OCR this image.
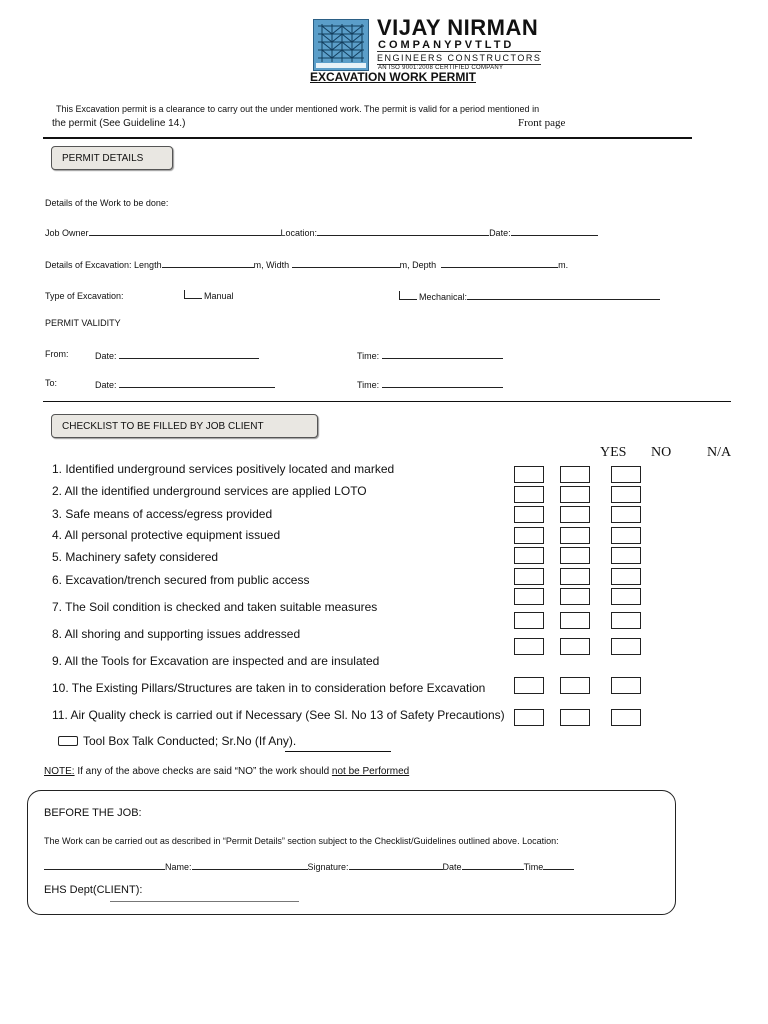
VIJAY NIRMAN
COMPANYPVTLTD
ENGINEERS CONSTRUCTORS
AN ISO 9001:2008 CERTIFIED COMPANY
EXCAVATION WORK PERMIT
This Excavation permit is a clearance to carry out the under mentioned work. The permit is valid for a period mentioned in
the permit (See Guideline 14.)	Front page
PERMIT DETAILS
Details of the Work to be done:
Job Owner	Location:	Date:
Details of Excavation: Length	m, Width	m, Depth	m.
Type of Excavation:	Manual	Mechanical:
PERMIT VALIDITY
From:	Date:	Time:
To:	Date:	Time:
CHECKLIST TO BE FILLED BY JOB CLIENT
YES NO	N/A
1. Identified underground services positively located and marked
2. All the identified underground services are applied LOTO
3. Safe means of access/egress provided
4. All personal protective equipment issued
5. Machinery safety considered
6. Excavation/trench secured from public access
7. The Soil condition is checked and taken suitable measures
8. All shoring and supporting issues addressed
9. All the Tools for Excavation are inspected and are insulated
10. The Existing Pillars/Structures are taken in to consideration before Excavation
11. Air Quality check is carried out if Necessary (See Sl. No 13 of Safety Precautions)
Tool Box Talk Conducted; Sr.No (If Any).
NOTE: If any of the above checks are said “NO” the work should not be Performed
BEFORE THE JOB:
The Work can be carried out as described in “Permit Details” section subject to the Checklist/Guidelines outlined above. Location:
Name:	Signature:	Date	Time
EHS Dept(CLIENT):
